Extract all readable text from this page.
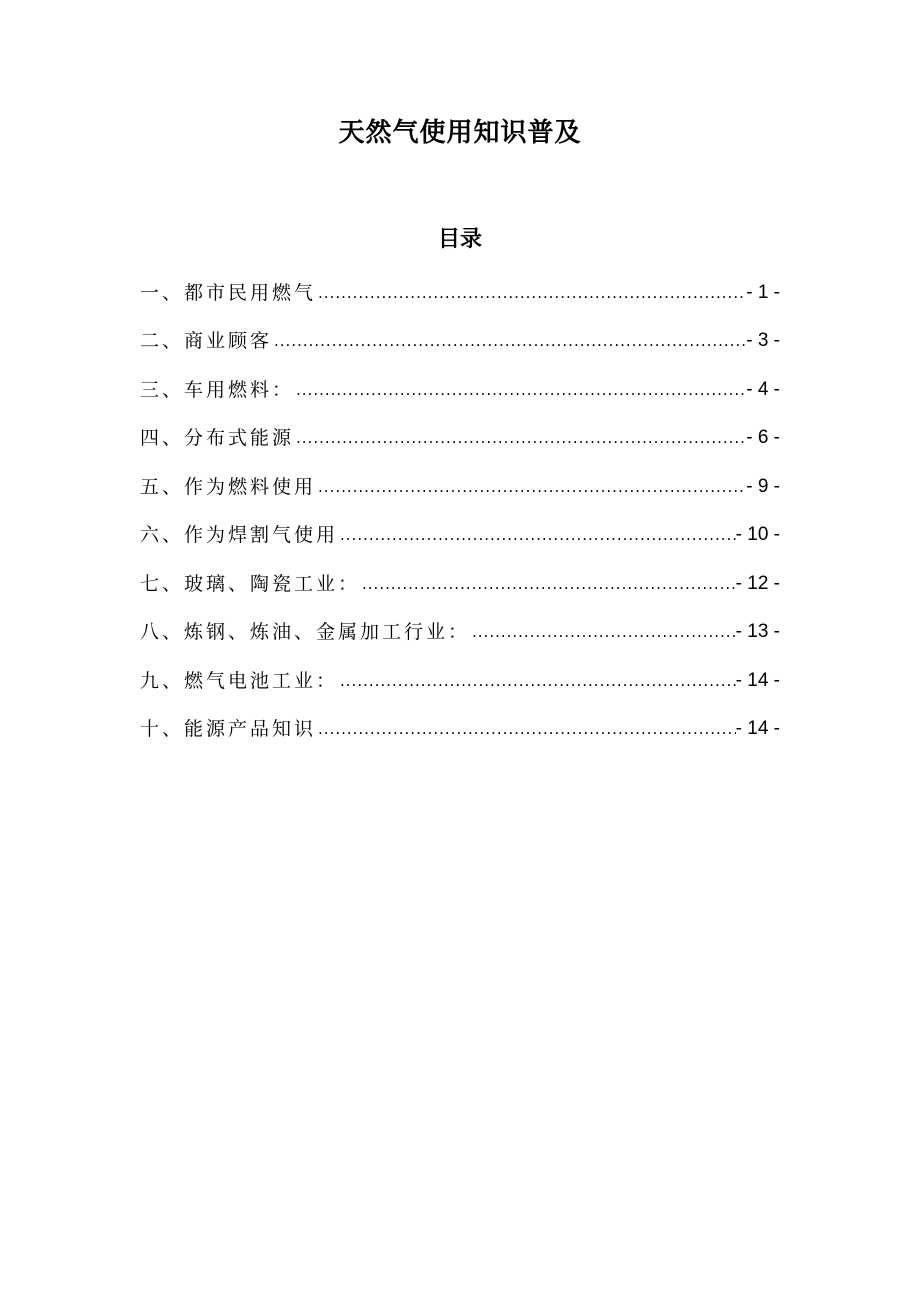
天然气使用知识普及
目录
一、都市民用燃气 .....	- 1 -
二、商业顾客 .....	- 3 -
三、车用燃料： .....	- 4 -
四、分布式能源 .....	- 6 -
五、作为燃料使用 .....	- 9 -
六、作为焊割气使用 .....	- 10 -
七、玻璃、陶瓷工业： .....	- 12 -
八、炼钢、炼油、金属加工行业： .....	- 13 -
九、燃气电池工业： .....	- 14 -
十、能源产品知识 .....	- 14 -
